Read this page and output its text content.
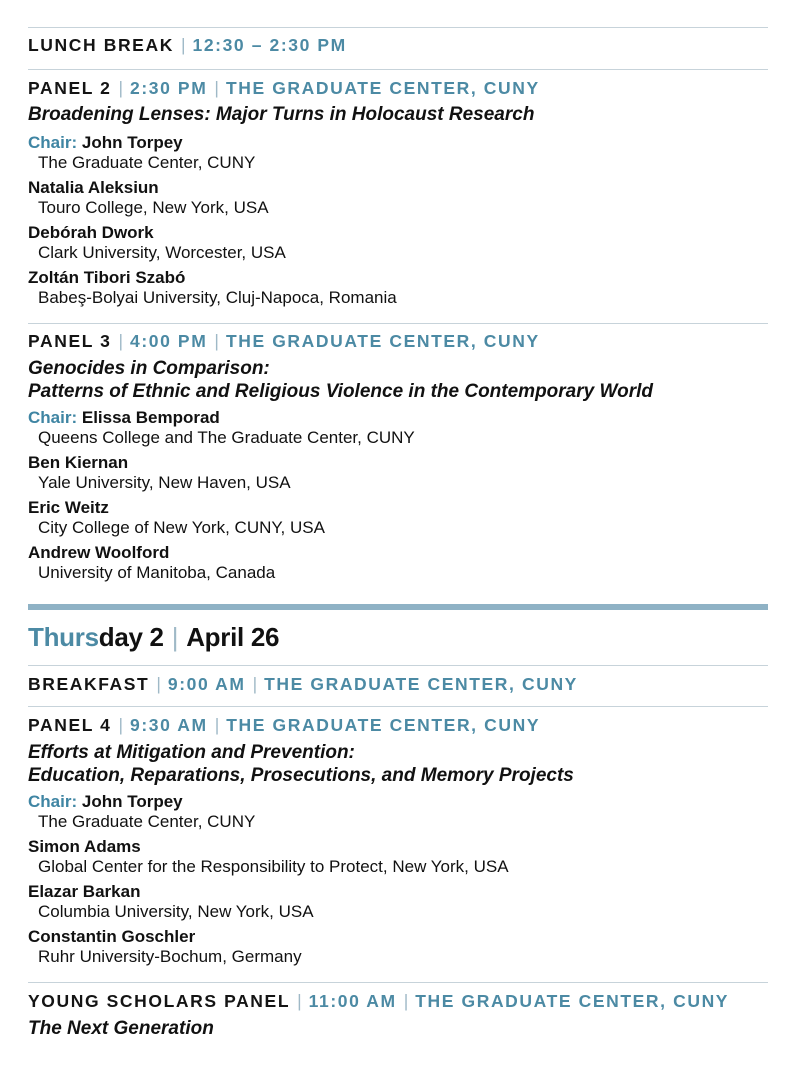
LUNCH BREAK | 12:30 – 2:30 PM
PANEL 2 | 2:30 PM | THE GRADUATE CENTER, CUNY
Broadening Lenses: Major Turns in Holocaust Research
Chair: John Torpey
The Graduate Center, CUNY
Natalia Aleksiun
Touro College, New York, USA
Debórah Dwork
Clark University, Worcester, USA
Zoltán Tibori Szabó
Babeş-Bolyai University, Cluj-Napoca, Romania
PANEL 3 | 4:00 PM | THE GRADUATE CENTER, CUNY
Genocides in Comparison:
Patterns of Ethnic and Religious Violence in the Contemporary World
Chair: Elissa Bemporad
Queens College and The Graduate Center, CUNY
Ben Kiernan
Yale University, New Haven, USA
Eric Weitz
City College of New York, CUNY, USA
Andrew Woolford
University of Manitoba, Canada
Thursday 2 | April 26
BREAKFAST | 9:00 AM | THE GRADUATE CENTER, CUNY
PANEL 4 | 9:30 AM | THE GRADUATE CENTER, CUNY
Efforts at Mitigation and Prevention:
Education, Reparations, Prosecutions, and Memory Projects
Chair: John Torpey
The Graduate Center, CUNY
Simon Adams
Global Center for the Responsibility to Protect, New York, USA
Elazar Barkan
Columbia University, New York, USA
Constantin Goschler
Ruhr University-Bochum, Germany
YOUNG SCHOLARS PANEL | 11:00 AM | THE GRADUATE CENTER, CUNY
The Next Generation
